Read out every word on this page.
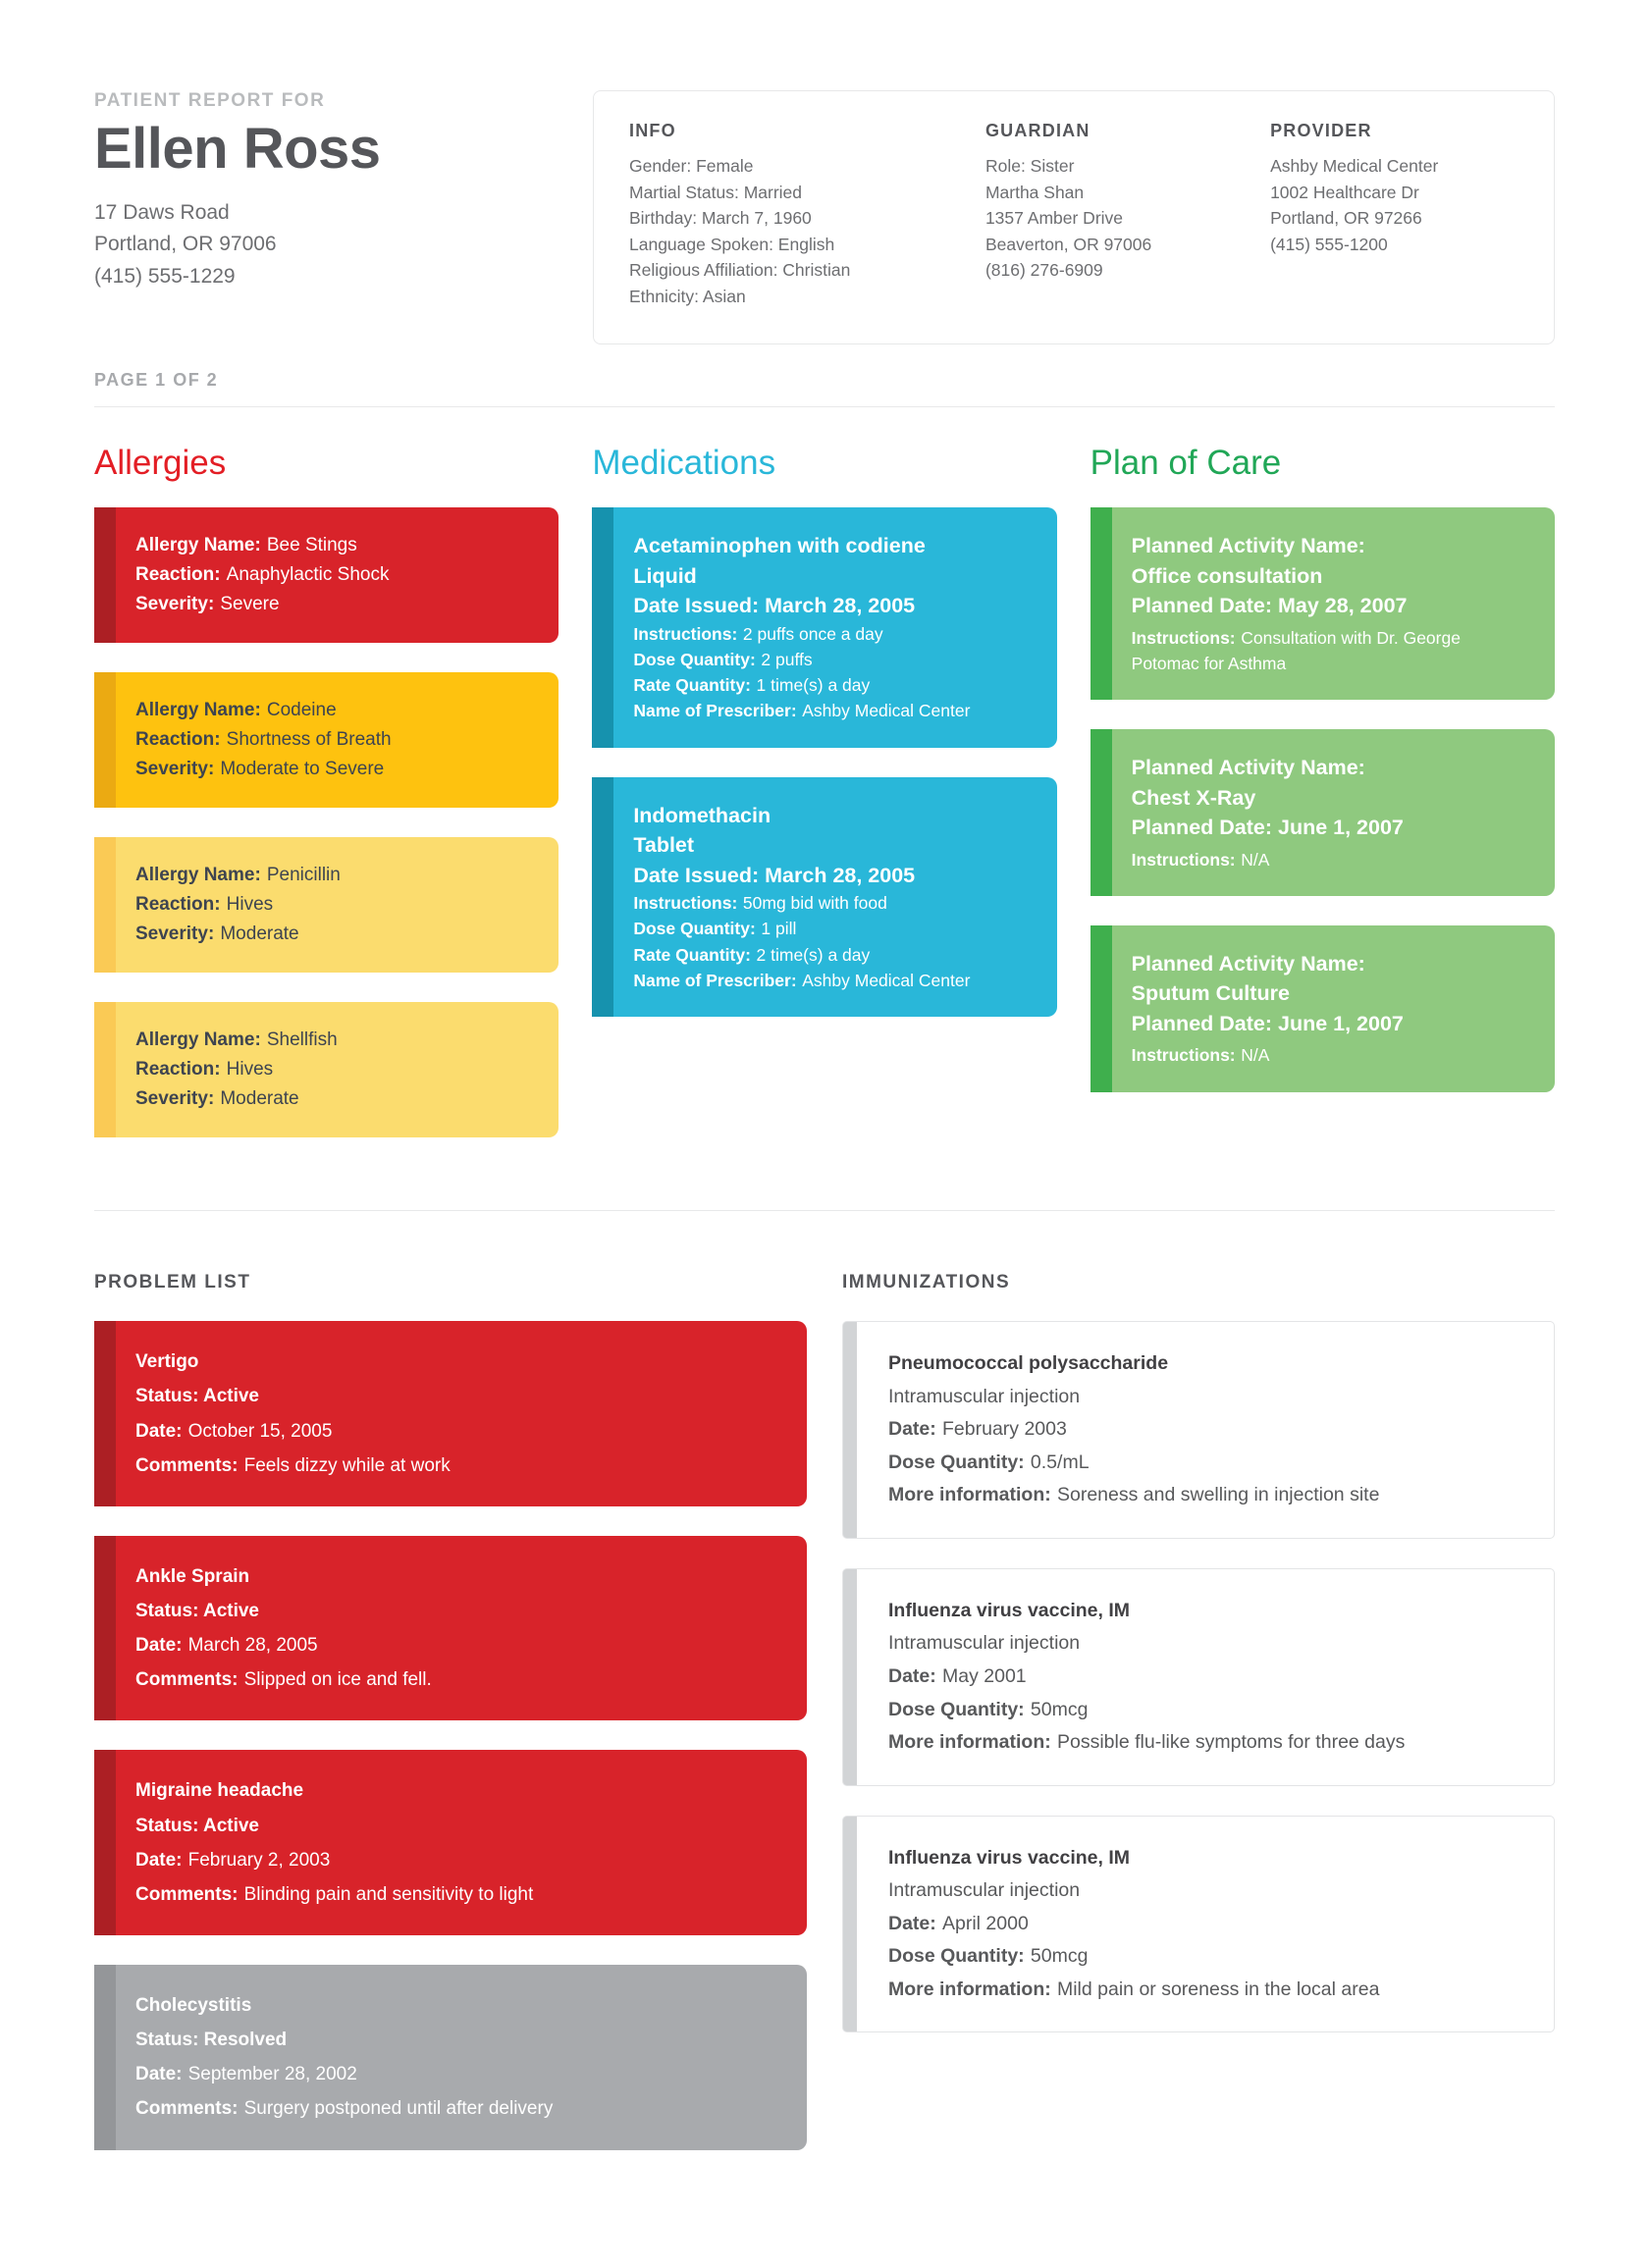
PATIENT REPORT FOR
Ellen Ross
17 Daws Road
Portland, OR 97006
(415) 555-1229
INFO
Gender: Female
Martial Status: Married
Birthday: March 7, 1960
Language Spoken: English
Religious Affiliation: Christian
Ethnicity: Asian
GUARDIAN
Role: Sister
Martha Shan
1357 Amber Drive
Beaverton, OR 97006
(816) 276-6909
PROVIDER
Ashby Medical Center
1002 Healthcare Dr
Portland, OR 97266
(415) 555-1200
PAGE 1 OF 2
Allergies
Allergy Name: Bee Stings
Reaction: Anaphylactic Shock
Severity: Severe
Allergy Name: Codeine
Reaction: Shortness of Breath
Severity: Moderate to Severe
Allergy Name: Penicillin
Reaction: Hives
Severity: Moderate
Allergy Name: Shellfish
Reaction: Hives
Severity: Moderate
Medications
Acetaminophen with codiene
Liquid
Date Issued: March 28, 2005
Instructions: 2 puffs once a day
Dose Quantity: 2 puffs
Rate Quantity: 1 time(s) a day
Name of Prescriber: Ashby Medical Center
Indomethacin
Tablet
Date Issued: March 28, 2005
Instructions: 50mg bid with food
Dose Quantity: 1 pill
Rate Quantity: 2 time(s) a day
Name of Prescriber: Ashby Medical Center
Plan of Care
Planned Activity Name:
Office consultation
Planned Date: May 28, 2007
Instructions: Consultation with Dr. George Potomac for Asthma
Planned Activity Name:
Chest X-Ray
Planned Date: June 1, 2007
Instructions: N/A
Planned Activity Name:
Sputum Culture
Planned Date: June 1, 2007
Instructions: N/A
PROBLEM LIST
Vertigo
Status: Active
Date: October 15, 2005
Comments: Feels dizzy while at work
Ankle Sprain
Status: Active
Date: March 28, 2005
Comments: Slipped on ice and fell.
Migraine headache
Status: Active
Date: February 2, 2003
Comments: Blinding pain and sensitivity to light
Cholecystitis
Status: Resolved
Date: September 28, 2002
Comments: Surgery postponed until after delivery
IMMUNIZATIONS
Pneumococcal polysaccharide
Intramuscular injection
Date: February 2003
Dose Quantity: 0.5/mL
More information: Soreness and swelling in injection site
Influenza virus vaccine, IM
Intramuscular injection
Date: May 2001
Dose Quantity: 50mcg
More information: Possible flu-like symptoms for three days
Influenza virus vaccine, IM
Intramuscular injection
Date: April 2000
Dose Quantity: 50mcg
More information: Mild pain or soreness in the local area
